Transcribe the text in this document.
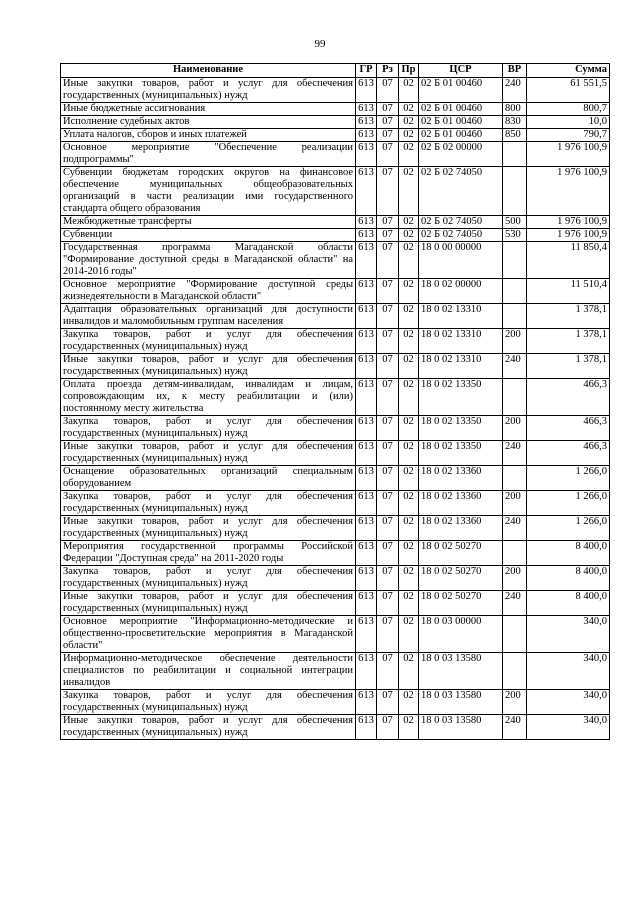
99
Наименование	ГР	Рз	Пр	ЦСР	ВР	Сумма
Иные закупки товаров, работ и услуг для обеспечения государственных (муниципальных) нужд	613	07	02	02 Б 01 00460	240	61 551,5
Иные бюджетные ассигнования	613	07	02	02 Б 01 00460	800	800,7
Исполнение судебных актов	613	07	02	02 Б 01 00460	830	10,0
Уплата налогов, сборов и иных платежей	613	07	02	02 Б 01 00460	850	790,7
Основное мероприятие "Обеспечение реализации подпрограммы"	613	07	02	02 Б 02 00000		1 976 100,9
Субвенции бюджетам городских округов на финансовое обеспечение муниципальных общеобразовательных организаций в части реализации ими государственного стандарта общего образования	613	07	02	02 Б 02 74050		1 976 100,9
Межбюджетные трансферты	613	07	02	02 Б 02 74050	500	1 976 100,9
Субвенции	613	07	02	02 Б 02 74050	530	1 976 100,9
Государственная программа Магаданской области "Формирование доступной среды в Магаданской области" на 2014-2016 годы"	613	07	02	18 0 00 00000		11 850,4
Основное мероприятие "Формирование доступной среды жизнедеятельности в Магаданской области"	613	07	02	18 0 02 00000		11 510,4
Адаптация образовательных организаций для доступности инвалидов и маломобильным группам населения	613	07	02	18 0 02 13310		1 378,1
Закупка товаров, работ и услуг для обеспечения государственных (муниципальных) нужд	613	07	02	18 0 02 13310	200	1 378,1
Иные закупки товаров, работ и услуг для обеспечения государственных (муниципальных) нужд	613	07	02	18 0 02 13310	240	1 378,1
Оплата проезда детям-инвалидам, инвалидам и лицам, сопровождающим их, к месту реабилитации и (или) постоянному месту жительства	613	07	02	18 0 02 13350		466,3
Закупка товаров, работ и услуг для обеспечения государственных (муниципальных) нужд	613	07	02	18 0 02 13350	200	466,3
Иные закупки товаров, работ и услуг для обеспечения государственных (муниципальных) нужд	613	07	02	18 0 02 13350	240	466,3
Оснащение образовательных организаций специальным оборудованием	613	07	02	18 0 02 13360		1 266,0
Закупка товаров, работ и услуг для обеспечения государственных (муниципальных) нужд	613	07	02	18 0 02 13360	200	1 266,0
Иные закупки товаров, работ и услуг для обеспечения государственных (муниципальных) нужд	613	07	02	18 0 02 13360	240	1 266,0
Мероприятия государственной программы Российской Федерации "Доступная среда" на 2011-2020 годы	613	07	02	18 0 02 50270		8 400,0
Закупка товаров, работ и услуг для обеспечения государственных (муниципальных) нужд	613	07	02	18 0 02 50270	200	8 400,0
Иные закупки товаров, работ и услуг для обеспечения государственных (муниципальных) нужд	613	07	02	18 0 02 50270	240	8 400,0
Основное мероприятие "Информационно-методические и общественно-просветительские мероприятия в Магаданской области"	613	07	02	18 0 03 00000		340,0
Информационно-методическое обеспечение деятельности специалистов по реабилитации и социальной интеграции инвалидов	613	07	02	18 0 03 13580		340,0
Закупка товаров, работ и услуг для обеспечения государственных (муниципальных) нужд	613	07	02	18 0 03 13580	200	340,0
Иные закупки товаров, работ и услуг для обеспечения государственных (муниципальных) нужд	613	07	02	18 0 03 13580	240	340,0
